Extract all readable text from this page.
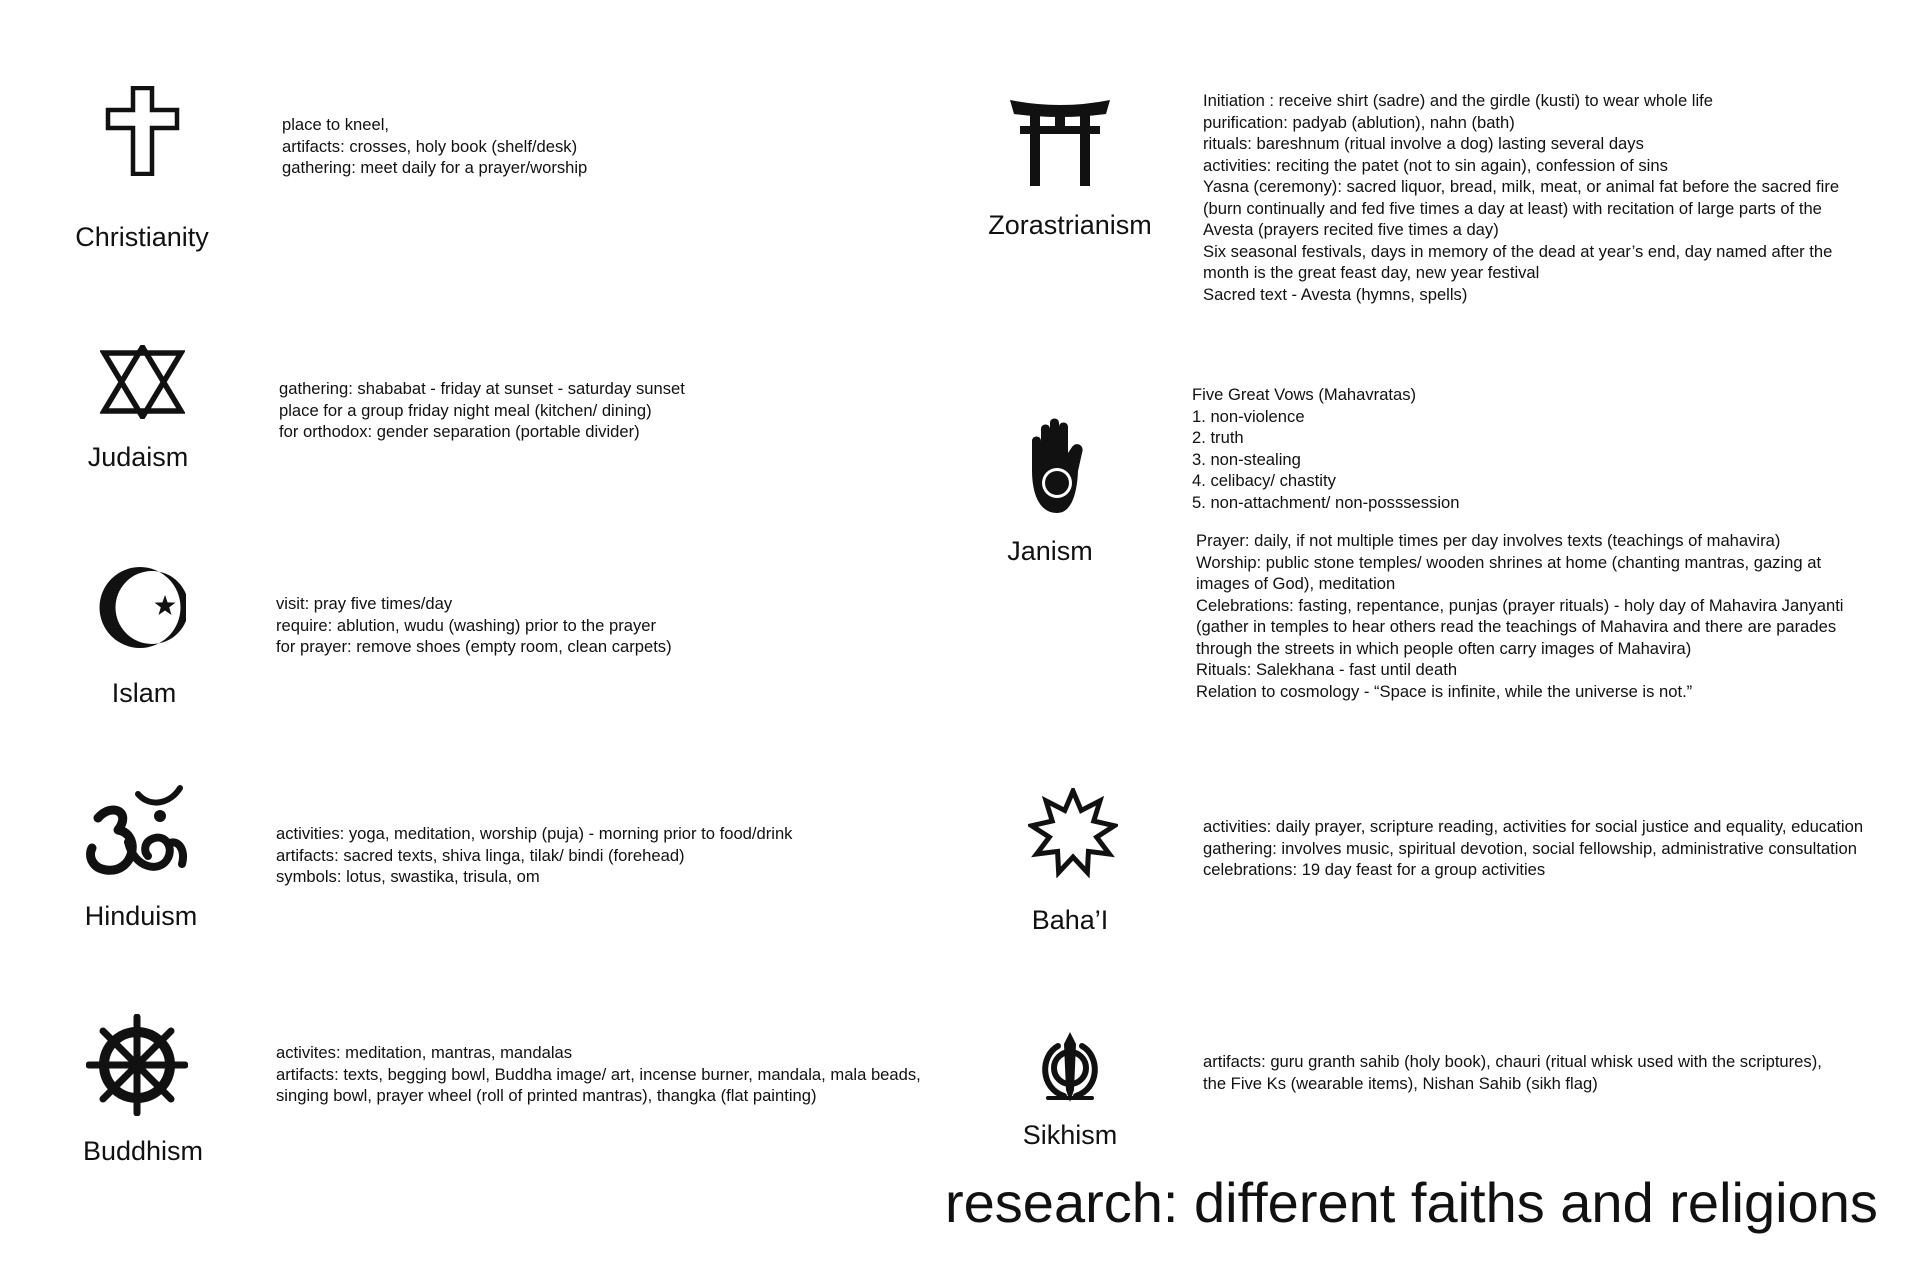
Christianity
place to kneel,
artifacts: crosses, holy book (shelf/desk)
gathering: meet daily for a prayer/worship
Judaism
gathering: shababat - friday at sunset - saturday sunset
place for a group friday night meal (kitchen/ dining)
for orthodox: gender separation (portable divider)
Islam
visit: pray five times/day
require: ablution, wudu (washing) prior to the prayer
for prayer: remove shoes (empty room, clean carpets)
Hinduism
activities: yoga, meditation, worship (puja) - morning prior to food/drink
artifacts: sacred texts, shiva linga, tilak/ bindi (forehead)
symbols: lotus, swastika, trisula, om
Buddhism
activites: meditation, mantras, mandalas
artifacts: texts, begging bowl, Buddha image/ art, incense burner, mandala, mala beads,
singing bowl, prayer wheel (roll of printed mantras), thangka (flat painting)
Zorastrianism
Initiation : receive shirt (sadre) and the girdle (kusti) to wear whole life
purification: padyab (ablution), nahn (bath)
rituals: bareshnum (ritual involve a dog) lasting several days
activities: reciting the patet (not to sin again), confession of sins
Yasna (ceremony): sacred liquor, bread, milk, meat, or animal fat before the sacred fire
(burn continually and fed five times a day at least) with recitation of large parts of the
Avesta (prayers recited five times a day)
Six seasonal festivals, days in memory of the dead at year’s end, day named after the
month is the great feast day, new year festival
Sacred text - Avesta (hymns, spells)
Janism
Five Great Vows (Mahavratas)
1. non-violence
2. truth
3. non-stealing
4. celibacy/ chastity
5. non-attachment/ non-posssession
Prayer: daily, if not multiple times per day involves texts (teachings of mahavira)
Worship: public stone temples/ wooden shrines at home (chanting mantras, gazing at
images of God), meditation
Celebrations: fasting, repentance, punjas (prayer rituals) - holy day of Mahavira Janyanti
(gather in temples to hear others read the teachings of Mahavira and there are parades
through the streets in which people often carry images of Mahavira)
Rituals: Salekhana - fast until death
Relation to cosmology - “Space is infinite, while the universe is not.”
Baha’I
activities: daily prayer, scripture reading, activities for social justice and equality, education
gathering: involves music, spiritual devotion, social fellowship, administrative consultation
celebrations: 19 day feast for a group activities
Sikhism
artifacts: guru granth sahib (holy book), chauri (ritual whisk used with the scriptures),
the Five Ks (wearable items), Nishan Sahib (sikh flag)
research: different faiths and religions
